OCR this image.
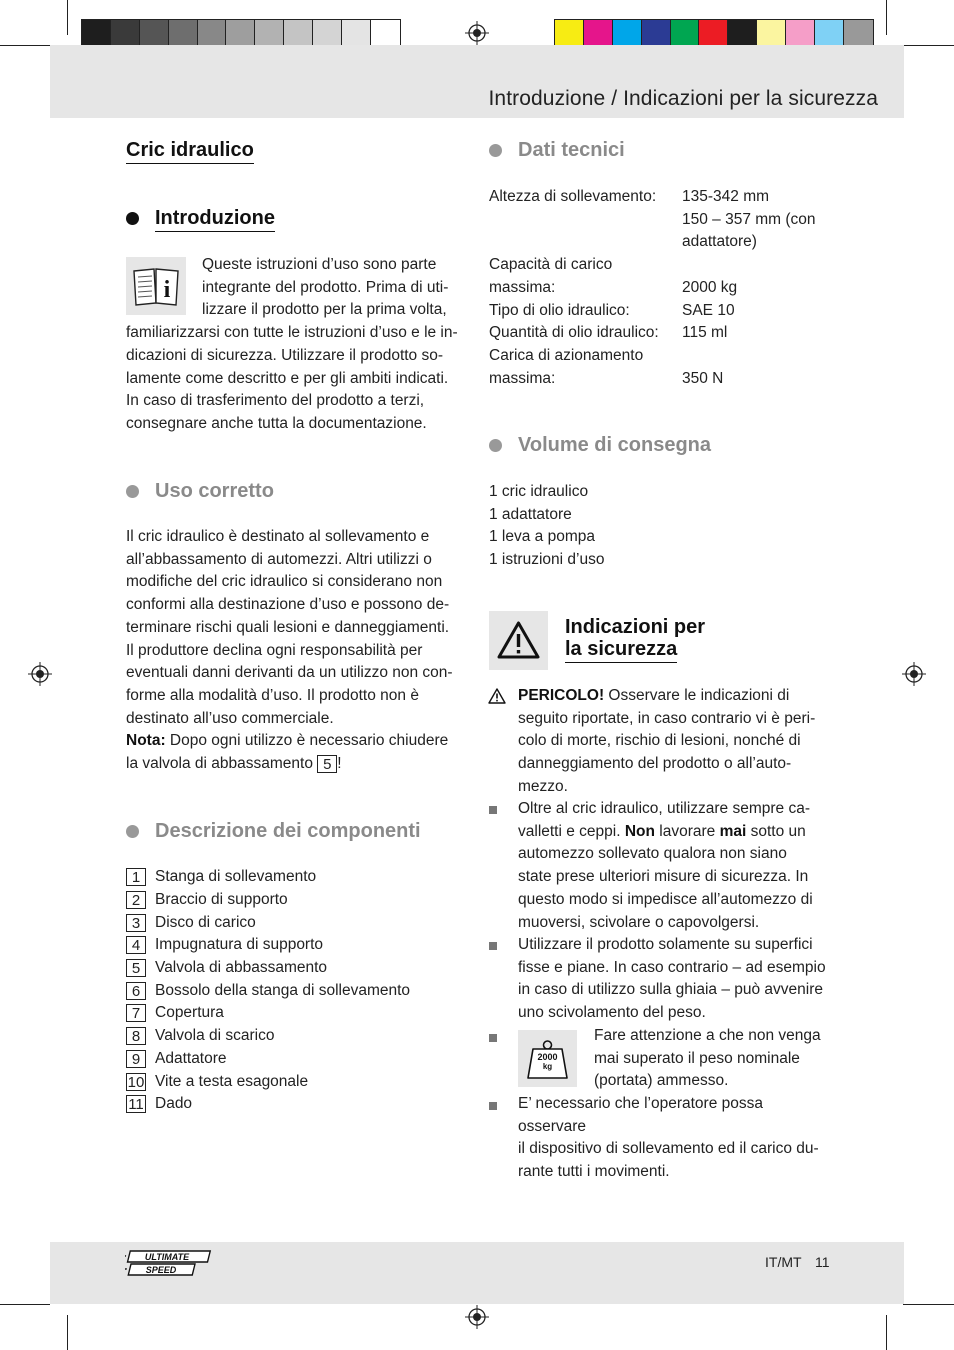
Introduzione / Indicazioni per la sicurezza
Cric idraulico
Introduzione
i

Queste istruzioni d’uso sono parte

integrante del prodotto. Prima di uti-

lizzare il prodotto per la prima volta,

familiarizzarsi con tutte le istruzioni d’uso e le in-

dicazioni di sicurezza. Utilizzare il prodotto so-

lamente come descritto e per gli ambiti indicati.

In caso di trasferimento del prodotto a terzi,

consegnare anche tutta la documentazione.

Uso corretto

Il cric idraulico è destinato al sollevamento e

all’abbassamento di automezzi. Altri utilizzi o

modifiche del cric idraulico si considerano non

conformi alla destinazione d’uso e possono de-

terminare rischi quali lesioni e danneggiamenti.

Il produttore declina ogni responsabilità per

eventuali danni derivanti da un utilizzo non con-

forme alla modalità d’uso. Il prodotto non è

destinato all’uso commerciale.

Nota: Dopo ogni utilizzo è necessario chiudere

la valvola di abbassamento 5 !

Descrizione dei componenti
1 Stanga di sollevamento
2 Braccio di supporto
3 Disco di carico
4 Impugnatura di supporto
5 Valvola di abbassamento
6 Bossolo della stanga di sollevamento
7 Copertura
8 Valvola di scarico
9 Adattatore
10 Vite a testa esagonale
11 Dado
Dati tecnici
Altezza di sollevamento:	135-342 mm
150 – 357 mm (con
adattatore)
Capacità di carico
massima:	2000 kg
Tipo di olio idraulico:	SAE 10
Quantità di olio idraulico:	115 ml
Carica di azionamento
massima:	350 N
Volume di consegna

1 cric idraulico

1 adattatore

1 leva a pompa

1 istruzioni d’uso

Indicazioni per
la sicurezza

PERICOLO! Osservare le indicazioni di

seguito riportate, in caso contrario vi è peri-

colo di morte, rischio di lesioni, nonché di

danneggiamento del prodotto o all’auto-

mezzo.

Oltre al cric idraulico, utilizzare sempre ca-

valletti e ceppi. Non lavorare mai sotto un

automezzo sollevato qualora non siano

state prese ulteriori misure di sicurezza. In

questo modo si impedisce all’automezzo di

muoversi, scivolare o capovolgersi.

Utilizzare il prodotto solamente su superfici

fisse e piane. In caso contrario – ad esempio

in caso di utilizzo sulla ghiaia – può avvenire

uno scivolamento del peso.

2000
kg

Fare attenzione a che non venga

mai superato il peso nominale

(portata) ammesso.

E’ necessario che l’operatore possa osservare

il dispositivo di sollevamento ed il carico du-

rante tutti i movimenti.

ULTIMATE
SPEED	IT/MT 11
